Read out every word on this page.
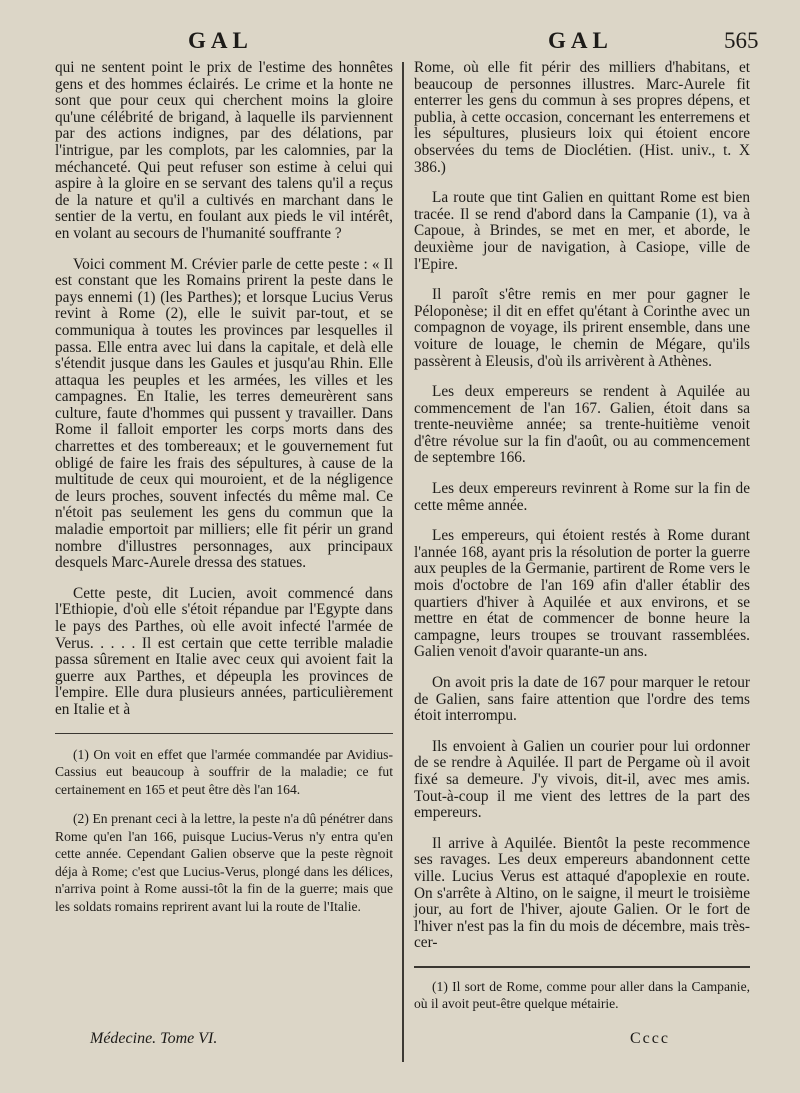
GAL	GAL	565

qui ne sentent point le prix de l'estime des honnêtes gens et des hommes éclairés. Le crime et la honte ne sont que pour ceux qui cherchent moins la gloire qu'une célébrité de brigand, à laquelle ils parviennent par des actions indignes, par des délations, par l'intrigue, par les complots, par les calomnies, par la méchanceté. Qui peut refuser son estime à celui qui aspire à la gloire en se servant des talens qu'il a reçus de la nature et qu'il a cultivés en marchant dans le sentier de la vertu, en foulant aux pieds le vil intérêt, en volant au secours de l'humanité souffrante ?

Voici comment M. Crévier parle de cette peste : « Il est constant que les Romains prirent la peste dans le pays ennemi (1) (les Parthes); et lorsque Lucius Verus revint à Rome (2), elle le suivit par-tout, et se communiqua à toutes les provinces par lesquelles il passa. Elle entra avec lui dans la capitale, et delà elle s'étendit jusque dans les Gaules et jusqu'au Rhin. Elle attaqua les peuples et les armées, les villes et les campagnes. En Italie, les terres demeurèrent sans culture, faute d'hommes qui pussent y travailler. Dans Rome il falloit emporter les corps morts dans des charrettes et des tombereaux; et le gouvernement fut obligé de faire les frais des sépultures, à cause de la multitude de ceux qui mouroient, et de la négligence de leurs proches, souvent infectés du même mal. Ce n'étoit pas seulement les gens du commun que la maladie emportoit par milliers; elle fit périr un grand nombre d'illustres personnages, aux principaux desquels Marc-Aurele dressa des statues.

Cette peste, dit Lucien, avoit commencé dans l'Ethiopie, d'où elle s'étoit répandue par l'Egypte dans le pays des Parthes, où elle avoit infecté l'armée de Verus. . . . . Il est certain que cette terrible maladie passa sûrement en Italie avec ceux qui avoient fait la guerre aux Parthes, et dépeupla les provinces de l'empire. Elle dura plusieurs années, particulièrement en Italie et à

(1) On voit en effet que l'armée commandée par Avidius-Cassius eut beaucoup à souffrir de la maladie; ce fut certainement en 165 et peut être dès l'an 164.

(2) En prenant ceci à la lettre, la peste n'a dû pénétrer dans Rome qu'en l'an 166, puisque Lucius-Verus n'y entra qu'en cette année. Cependant Galien observe que la peste règnoit déja à Rome; c'est que Lucius-Verus, plongé dans les délices, n'arriva point à Rome aussi-tôt la fin de la guerre; mais que les soldats romains reprirent avant lui la route de l'Italie.

Rome, où elle fit périr des milliers d'habitans, et beaucoup de personnes illustres. Marc-Aurele fit enterrer les gens du commun à ses propres dépens, et publia, à cette occasion, concernant les enterremens et les sépultures, plusieurs loix qui étoient encore observées du tems de Dioclétien. (Hist. univ., t. X 386.)

La route que tint Galien en quittant Rome est bien tracée. Il se rend d'abord dans la Campanie (1), va à Capoue, à Brindes, se met en mer, et aborde, le deuxième jour de navigation, à Casiope, ville de l'Epire.

Il paroît s'être remis en mer pour gagner le Péloponèse; il dit en effet qu'étant à Corinthe avec un compagnon de voyage, ils prirent ensemble, dans une voiture de louage, le chemin de Mégare, qu'ils passèrent à Eleusis, d'où ils arrivèrent à Athènes.

Les deux empereurs se rendent à Aquilée au commencement de l'an 167. Galien, étoit dans sa trente-neuvième année; sa trente-huitième venoit d'être révolue sur la fin d'août, ou au commencement de septembre 166.

Les deux empereurs revinrent à Rome sur la fin de cette même année.

Les empereurs, qui étoient restés à Rome durant l'année 168, ayant pris la résolution de porter la guerre aux peuples de la Germanie, partirent de Rome vers le mois d'octobre de l'an 169 afin d'aller établir des quartiers d'hiver à Aquilée et aux environs, et se mettre en état de commencer de bonne heure la campagne, leurs troupes se trouvant rassemblées. Galien venoit d'avoir quarante-un ans.

On avoit pris la date de 167 pour marquer le retour de Galien, sans faire attention que l'ordre des tems étoit interrompu.

Ils envoient à Galien un courier pour lui ordonner de se rendre à Aquilée. Il part de Pergame où il avoit fixé sa demeure. J'y vivois, dit-il, avec mes amis. Tout-à-coup il me vient des lettres de la part des empereurs.

Il arrive à Aquilée. Bientôt la peste recommence ses ravages. Les deux empereurs abandonnent cette ville. Lucius Verus est attaqué d'apoplexie en route. On s'arrête à Altino, on le saigne, il meurt le troisième jour, au fort de l'hiver, ajoute Galien. Or le fort de l'hiver n'est pas la fin du mois de décembre, mais très-cer-

(1) Il sort de Rome, comme pour aller dans la Campanie, où il avoit peut-être quelque métairie.

Médecine. Tome VI.	Cccc
